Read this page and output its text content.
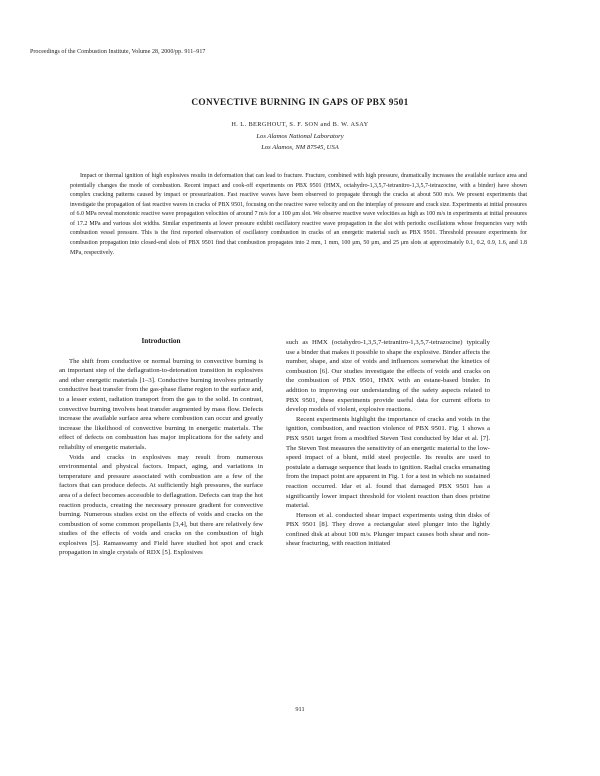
Proceedings of the Combustion Institute, Volume 28, 2000/pp. 911–917
CONVECTIVE BURNING IN GAPS OF PBX 9501
H. L. BERGHOUT, S. F. SON and B. W. ASAY
Los Alamos National Laboratory
Los Alamos, NM 87545, USA

Impact or thermal ignition of high explosives results in deformation that can lead to fracture. Fracture, combined with high pressure, dramatically increases the available surface area and potentially changes the mode of combustion. Recent impact and cook-off experiments on PBX 9501 (HMX, octahydro-1,3,5,7-tetranitro-1,3,5,7-tetrazocine, with a binder) have shown complex cracking patterns caused by impact or pressurization. Fast reactive waves have been observed to propagate through the cracks at about 500 m/s. We present experiments that investigate the propagation of fast reactive waves in cracks of PBX 9501, focusing on the reactive wave velocity and on the interplay of pressure and crack size. Experiments at initial pressures of 6.0 MPa reveal monotonic reactive wave propagation velocities of around 7 m/s for a 100 μm slot. We observe reactive wave velocities as high as 100 m/s in experiments at initial pressures of 17.2 MPa and various slot widths. Similar experiments at lower pressure exhibit oscillatory reactive wave propagation in the slot with periodic oscillations whose frequencies vary with combustion vessel pressure. This is the first reported observation of oscillatory combustion in cracks of an energetic material such as PBX 9501. Threshold pressure experiments for combustion propagation into closed-end slots of PBX 9501 find that combustion propagates into 2 mm, 1 mm, 100 μm, 50 μm, and 25 μm slots at approximately 0.1, 0.2, 0.9, 1.6, and 1.8 MPa, respectively.

Introduction

The shift from conductive or normal burning to convective burning is an important step of the deflagration-to-detonation transition in explosives and other energetic materials [1–3]. Conductive burning involves primarily conductive heat transfer from the gas-phase flame region to the surface and, to a lesser extent, radiation transport from the gas to the solid. In contrast, convective burning involves heat transfer augmented by mass flow. Defects increase the available surface area where combustion can occur and greatly increase the likelihood of convective burning in energetic materials. The effect of defects on combustion has major implications for the safety and reliability of energetic materials.

Voids and cracks in explosives may result from numerous environmental and physical factors. Impact, aging, and variations in temperature and pressure associated with combustion are a few of the factors that can produce defects. At sufficiently high pressures, the surface area of a defect becomes accessible to deflagration. Defects can trap the hot reaction products, creating the necessary pressure gradient for convective burning. Numerous studies exist on the effects of voids and cracks on the combustion of some common propellants [3,4], but there are relatively few studies of the effects of voids and cracks on the combustion of high explosives [5]. Ramaswamy and Field have studied hot spot and crack propagation in single crystals of RDX [5]. Explosives

such as HMX (octahydro-1,3,5,7-tetranitro-1,3,5,7-tetrazocine) typically use a binder that makes it possible to shape the explosive. Binder affects the number, shape, and size of voids and influences somewhat the kinetics of combustion [6]. Our studies investigate the effects of voids and cracks on the combustion of PBX 9501, HMX with an estane-based binder. In addition to improving our understanding of the safety aspects related to PBX 9501, these experiments provide useful data for current efforts to develop models of violent, explosive reactions.

Recent experiments highlight the importance of cracks and voids in the ignition, combustion, and reaction violence of PBX 9501. Fig. 1 shows a PBX 9501 target from a modified Steven Test conducted by Idar et al. [7]. The Steven Test measures the sensitivity of an energetic material to the low-speed impact of a blunt, mild steel projectile. Its results are used to postulate a damage sequence that leads to ignition. Radial cracks emanating from the impact point are apparent in Fig. 1 for a test in which no sustained reaction occurred. Idar et al. found that damaged PBX 9501 has a significantly lower impact threshold for violent reaction than does pristine material.

Henson et al. conducted shear impact experiments using thin disks of PBX 9501 [8]. They drove a rectangular steel plunger into the lightly confined disk at about 100 m/s. Plunger impact causes both shear and non-shear fracturing, with reaction initiated

911
